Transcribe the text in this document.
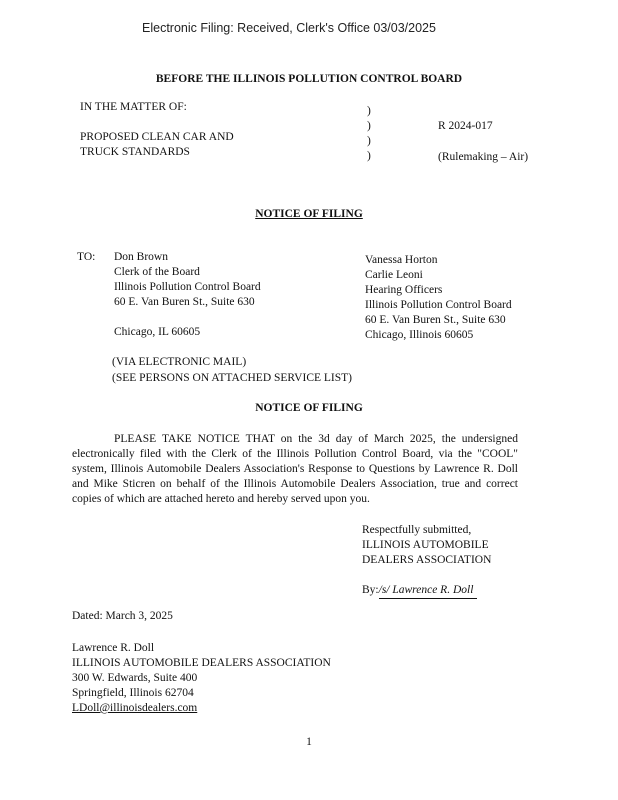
Electronic Filing: Received, Clerk's Office 03/03/2025
BEFORE THE ILLINOIS POLLUTION CONTROL BOARD
IN THE MATTER OF:
PROPOSED CLEAN CAR AND
TRUCK STANDARDS
)
)
)
)
R 2024-017
(Rulemaking – Air)
NOTICE OF FILING
TO: Don Brown
Clerk of the Board
Illinois Pollution Control Board
60 E. Van Buren St., Suite 630
Chicago, IL 60605
Vanessa Horton
Carlie Leoni
Hearing Officers
Illinois Pollution Control Board
60 E. Van Buren St., Suite 630
Chicago, Illinois 60605
(VIA ELECTRONIC MAIL)
(SEE PERSONS ON ATTACHED SERVICE LIST)
NOTICE OF FILING
PLEASE TAKE NOTICE THAT on the 3d day of March 2025, the undersigned electronically filed with the Clerk of the Illinois Pollution Control Board, via the "COOL" system, Illinois Automobile Dealers Association's Response to Questions by Lawrence R. Doll and Mike Sticren on behalf of the Illinois Automobile Dealers Association, true and correct copies of which are attached hereto and hereby served upon you.
Respectfully submitted,
ILLINOIS AUTOMOBILE
DEALERS ASSOCIATION
By:/s/ Lawrence R. Doll
Dated: March 3, 2025
Lawrence R. Doll
ILLINOIS AUTOMOBILE DEALERS ASSOCIATION
300 W. Edwards, Suite 400
Springfield, Illinois 62704
LDoll@illinoisdealers.com
1
